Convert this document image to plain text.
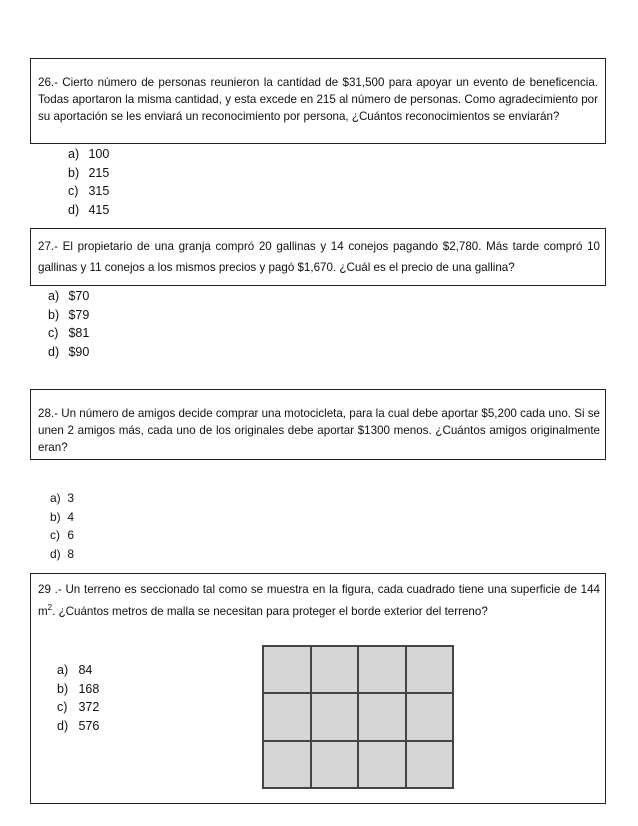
26.- Cierto número de personas reunieron la cantidad de $31,500 para apoyar un evento de beneficencia. Todas aportaron la misma cantidad, y esta excede en 215 al número de personas. Como agradecimiento por su aportación se les enviará un reconocimiento por persona, ¿Cuántos reconocimientos se enviarán?
a) 100
b) 215
c) 315
d) 415
27.- El propietario de una granja compró 20 gallinas y 14 conejos pagando $2,780. Más tarde compró 10 gallinas y 11 conejos a los mismos precios y pagó $1,670. ¿Cuál es el precio de una gallina?
a) $70
b) $79
c) $81
d) $90
28.- Un número de amigos decide comprar una motocicleta, para la cual debe aportar $5,200 cada uno. Si se unen 2 amigos más, cada uno de los originales debe aportar $1300 menos. ¿Cuántos amigos originalmente eran?
a) 3
b) 4
c) 6
d) 8
29 .- Un terreno es seccionado tal como se muestra en la figura, cada cuadrado tiene una superficie de 144 $m^2$. ¿Cuántos metros de malla se necesitan para proteger el borde exterior del terreno?
a) 84
b) 168
c) 372
d) 576
